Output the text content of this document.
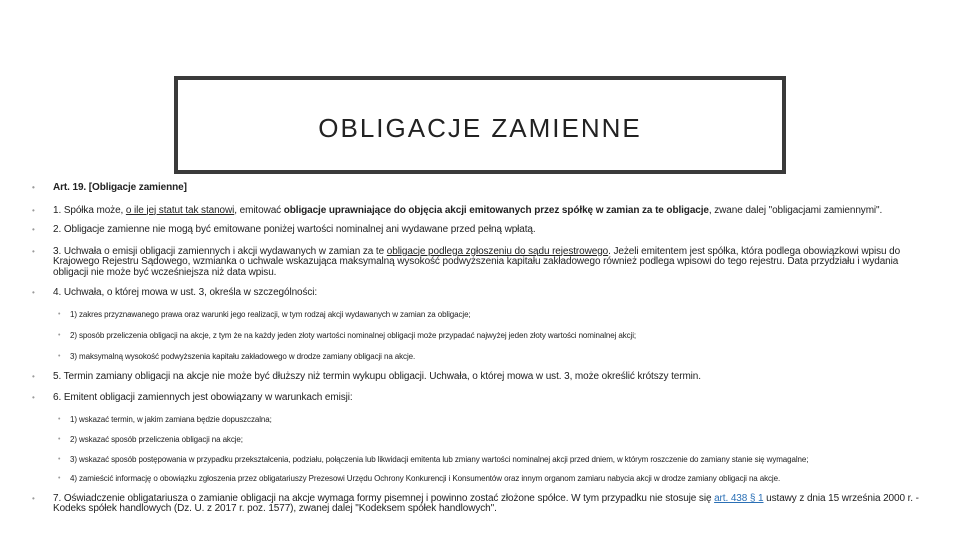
OBLIGACJE ZAMIENNE

• Art. 19. [Obligacje zamienne]

• 1. Spółka może, o ile jej statut tak stanowi, emitować obligacje uprawniające do objęcia akcji emitowanych przez spółkę w zamian za te obligacje, zwane dalej "obligacjami zamiennymi".

• 2. Obligacje zamienne nie mogą być emitowane poniżej wartości nominalnej ani wydawane przed pełną wpłatą.

• 3. Uchwała o emisji obligacji zamiennych i akcji wydawanych w zamian za te obligacje podlega zgłoszeniu do sądu rejestrowego. Jeżeli emitentem jest spółka, która podlega obowiązkowi wpisu do Krajowego Rejestru Sądowego, wzmianka o uchwale wskazująca maksymalną wysokość podwyższenia kapitału zakładowego również podlega wpisowi do tego rejestru. Data przydziału i wydania obligacji nie może być wcześniejsza niż data wpisu.

• 4. Uchwała, o której mowa w ust. 3, określa w szczególności:

• 1) zakres przyznawanego prawa oraz warunki jego realizacji, w tym rodzaj akcji wydawanych w zamian za obligacje;

• 2) sposób przeliczenia obligacji na akcje, z tym że na każdy jeden złoty wartości nominalnej obligacji może przypadać najwyżej jeden złoty wartości nominalnej akcji;

• 3) maksymalną wysokość podwyższenia kapitału zakładowego w drodze zamiany obligacji na akcje.

• 5. Termin zamiany obligacji na akcje nie może być dłuższy niż termin wykupu obligacji. Uchwała, o której mowa w ust. 3, może określić krótszy termin.

• 6. Emitent obligacji zamiennych jest obowiązany w warunkach emisji:

• 1) wskazać termin, w jakim zamiana będzie dopuszczalna;

• 2) wskazać sposób przeliczenia obligacji na akcje;

• 3) wskazać sposób postępowania w przypadku przekształcenia, podziału, połączenia lub likwidacji emitenta lub zmiany wartości nominalnej akcji przed dniem, w którym roszczenie do zamiany stanie się wymagalne;

• 4) zamieścić informację o obowiązku zgłoszenia przez obligatariuszy Prezesowi Urzędu Ochrony Konkurencji i Konsumentów oraz innym organom zamiaru nabycia akcji w drodze zamiany obligacji na akcje.

• 7. Oświadczenie obligatariusza o zamianie obligacji na akcje wymaga formy pisemnej i powinno zostać złożone spółce. W tym przypadku nie stosuje się art. 438 § 1 ustawy z dnia 15 września 2000 r. - Kodeks spółek handlowych (Dz. U. z 2017 r. poz. 1577), zwanej dalej "Kodeksem spółek handlowych".
